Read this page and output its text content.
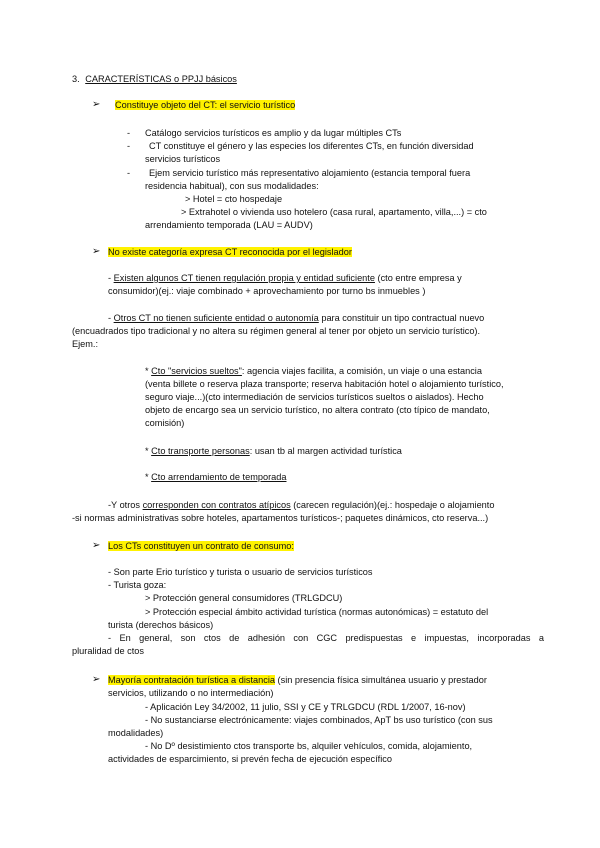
3. CARACTERÍSTICAS o PPJJ básicos
➢ Constituye objeto del CT: el servicio turístico
- Catálogo servicios turísticos es amplio y da lugar múltiples CTs
- CT constituye el género y las especies los diferentes CTs, en función diversidad
servicios turísticos
- Ejem servicio turístico más representativo alojamiento (estancia temporal fuera
residencia habitual), con sus modalidades:
> Hotel = cto hospedaje
> Extrahotel o vivienda uso hotelero (casa rural, apartamento, villa,...) = cto
arrendamiento temporada (LAU = AUDV)
➢ No existe categoría expresa CT reconocida por el legislador
- Existen algunos CT tienen regulación propia y entidad suficiente (cto entre empresa y
consumidor)(ej.: viaje combinado + aprovechamiento por turno bs inmuebles )
- Otros CT no tienen suficiente entidad o autonomía para constituir un tipo contractual nuevo
(encuadrados tipo tradicional y no altera su régimen general al tener por objeto un servicio turístico).
Ejem.:
* Cto "servicios sueltos": agencia viajes facilita, a comisión, un viaje o una estancia
(venta billete o reserva plaza transporte; reserva habitación hotel o alojamiento turístico,
seguro viaje...)(cto intermediación de servicios turísticos sueltos o aislados). Hecho
objeto de encargo sea un servicio turístico, no altera contrato (cto típico de mandato,
comisión)
* Cto transporte personas: usan tb al margen actividad turística
* Cto arrendamiento de temporada
-Y otros corresponden con contratos atípicos (carecen regulación)(ej.: hospedaje o alojamiento
-si normas administrativas sobre hoteles, apartamentos turísticos-; paquetes dinámicos, cto reserva...)
➢ Los CTs constituyen un contrato de consumo:
- Son parte Erio turístico y turista o usuario de servicios turísticos
- Turista goza:
> Protección general consumidores (TRLGDCU)
> Protección especial ámbito actividad turística (normas autonómicas) = estatuto del
turista (derechos básicos)
- En general, son ctos de adhesión con CGC predispuestas e impuestas, incorporadas a
pluralidad de ctos
➢ Mayoría contratación turística a distancia (sin presencia física simultánea usuario y prestador
servicios, utilizando o no intermediación)
- Aplicación Ley 34/2002, 11 julio, SSI y CE y TRLGDCU (RDL 1/2007, 16-nov)
- No sustanciarse electrónicamente: viajes combinados, ApT bs uso turístico (con sus
modalidades)
- No Dº desistimiento ctos transporte bs, alquiler vehículos, comida, alojamiento,
actividades de esparcimiento, si prevén fecha de ejecución específico
